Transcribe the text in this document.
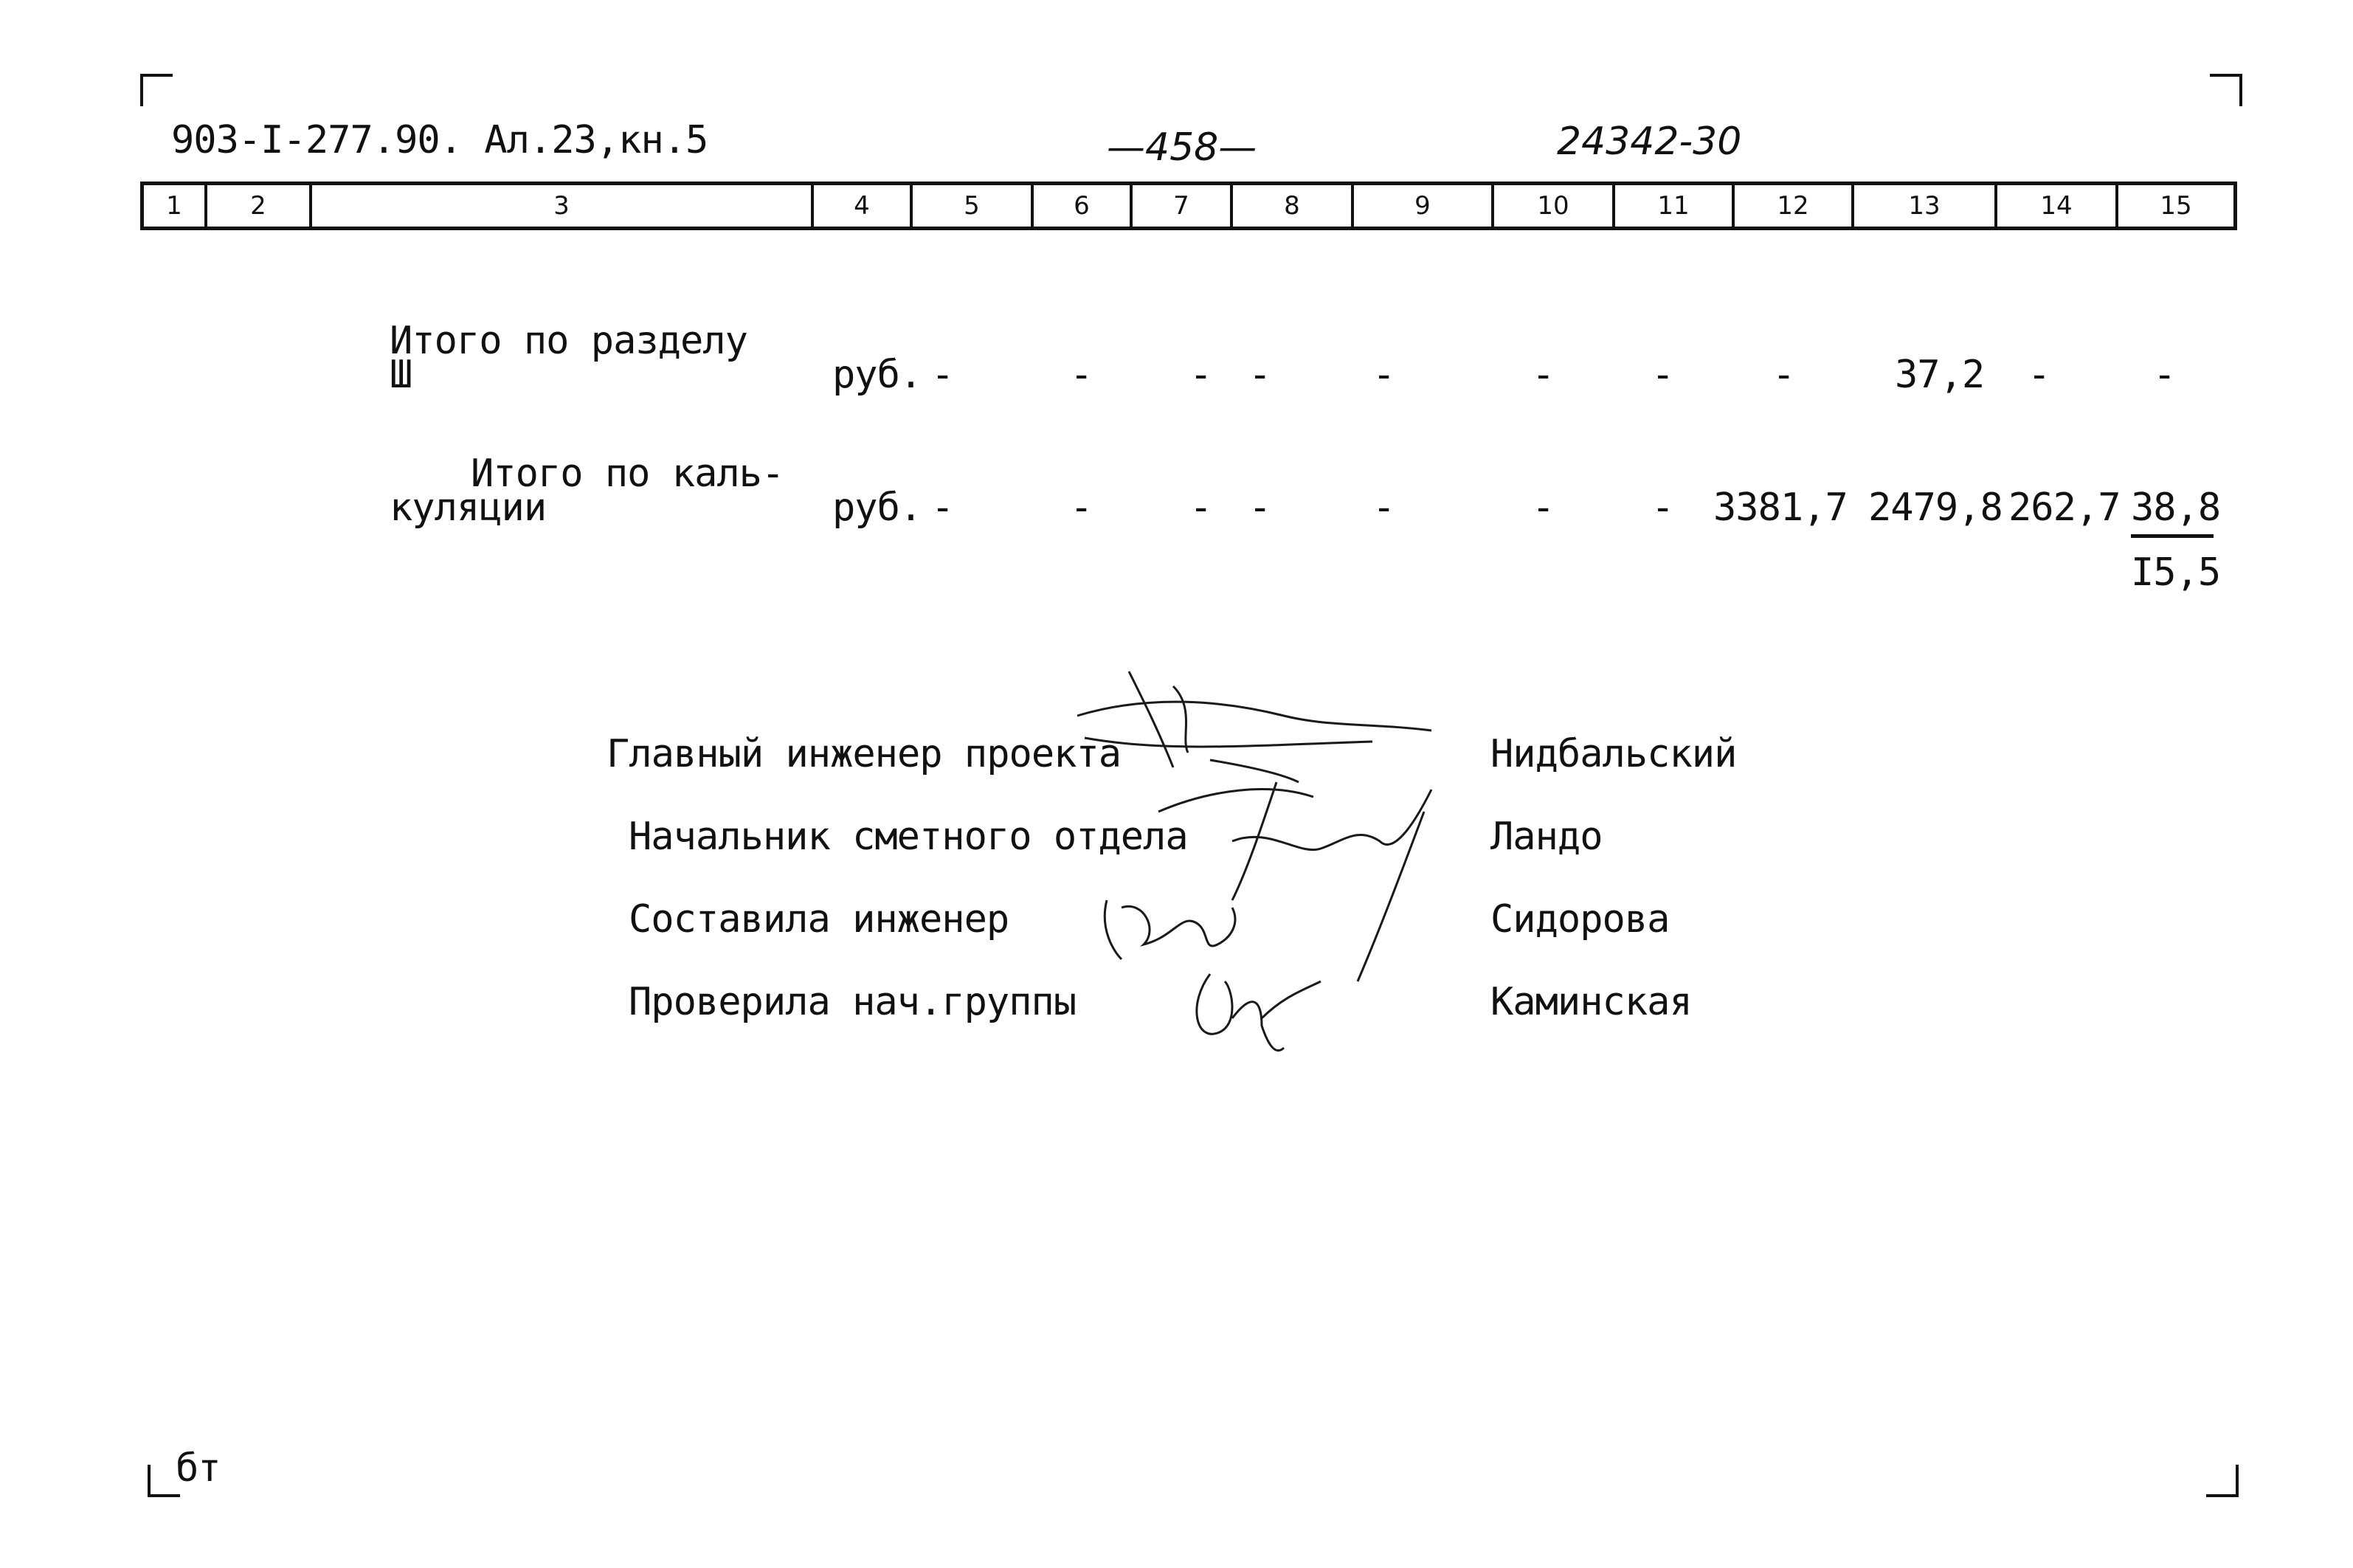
903-I-277.90. Ал.23,кн.5	—458—	24342-30
1	2	3	4	5	6	7	8	9	10	11	12	13	14	15
Итого по разделу
Ш	руб. -	-	- -	-	-	-	-	37,2 -	-
Итого по каль-
куляции	руб. -	-	- -	-	-	- 3381,7 2479,8 262,7 38,8
I5,5
Главный инженер проекта	Нидбальский
Начальник сметного отдела	Ландо
Составила инженер	Сидорова
Проверила нач.группы	Каминская
бт
